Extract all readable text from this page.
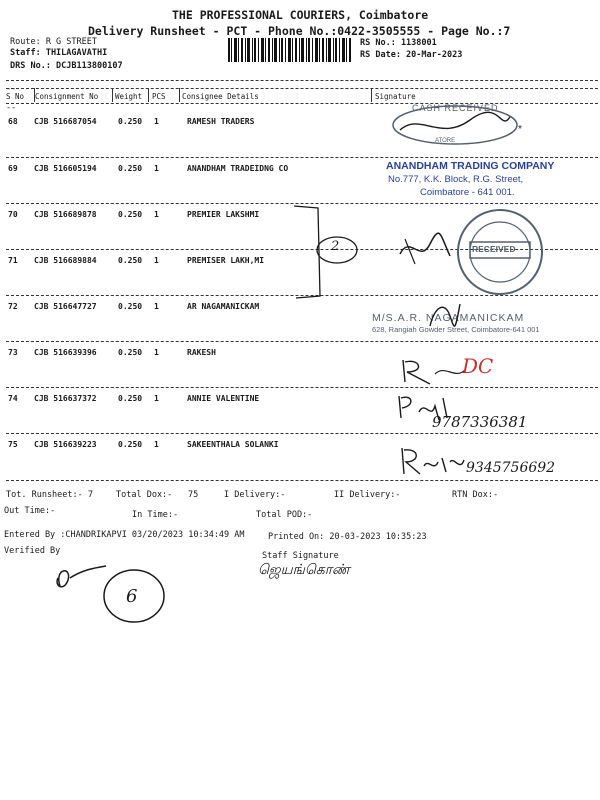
THE PROFESSIONAL COURIERS, Coimbatore
Delivery Runsheet - PCT - Phone No.:0422-3505555 - Page No.:7
Route: R G STREET
Staff: THILAGAVATHI
DRS No.: DCJB113800107
RS No.: 1138001
RS Date: 20-Mar-2023
--
S No Consignment No Weight PCS Consignee Details	Signature
--
68 CJB 516687054	0.250 1	RAMESH TRADERS
69 CJB 516605194	0.250 1	ANANDHAM TRADEIDNG CO
70 CJB 516689878	0.250 1	PREMIER LAKSHMI
71 CJB 516689884	0.250 1	PREMISER LAKH,MI
72 CJB 516647727	0.250 1	AR NAGAMANICKAM
73 CJB 516639396	0.250 1	RAKESH
74 CJB 516637372	0.250 1	ANNIE VALENTINE
75 CJB 516639223	0.250 1	SAKEENTHALA SOLANKI
ATORE
*
CASH RECEIVED
ANANDHAM TRADING COMPANY
No.777, K.K. Block, R.G. Street,
Coimbatore - 641 001.
2	RECEIVED
M/S.A.R. NAGAMANICKAM
628, Rangiah Gowder Street, Coimbatore-641 001
DC
9787336381
9345756692
Tot. Runsheet:- 7	Total Dox:- 75	I Delivery:-	II Delivery:-	RTN Dox:-
Out Time:-	In Time:-	Total POD:-
Entered By :CHANDRIKAPVI 03/20/2023 10:34:49 AM	Printed On: 20-03-2023 10:35:23
Verified By	Staff Signature
6
ஜெயங்கொண்
